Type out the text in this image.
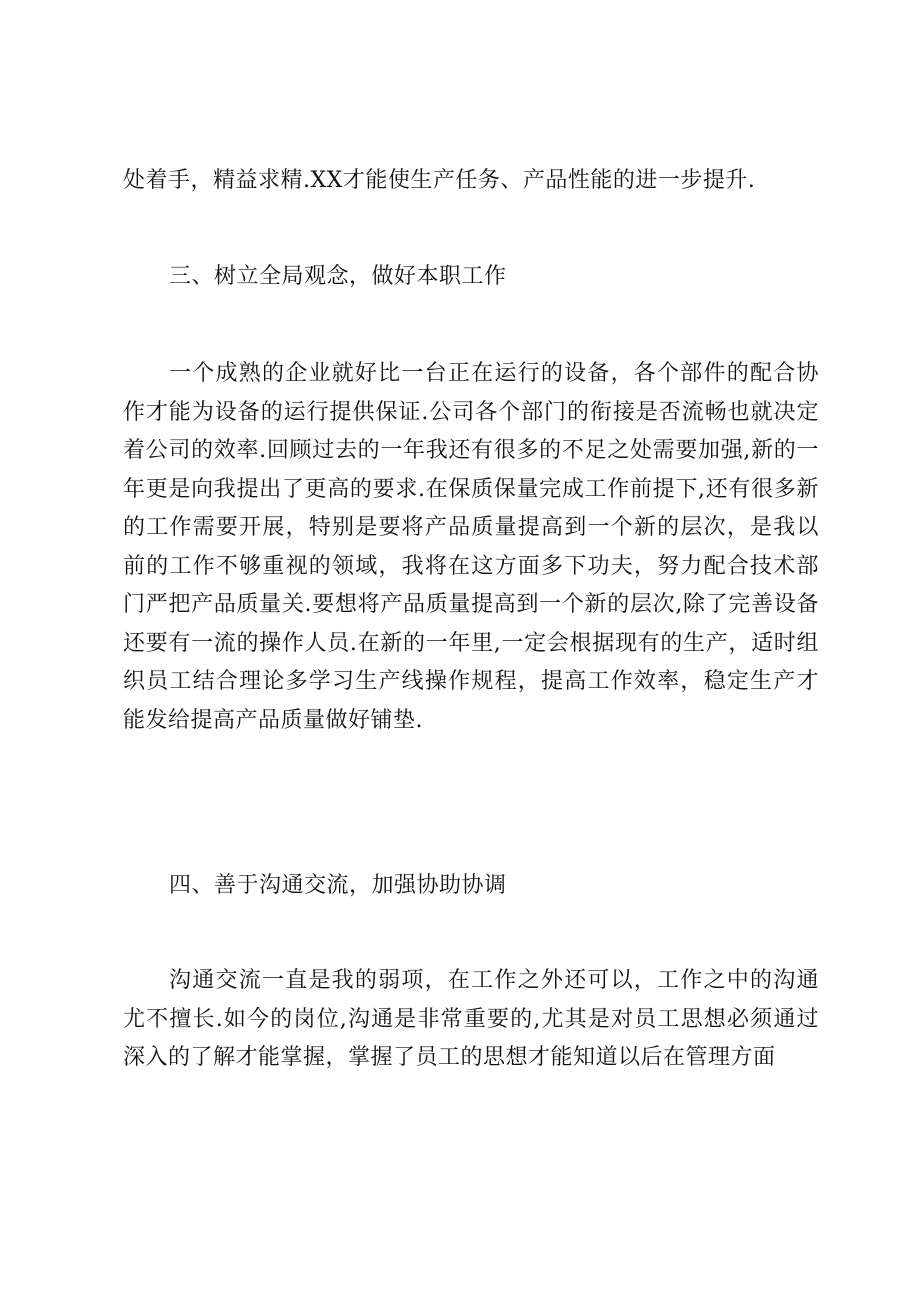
处着手，精益求精.XX才能使生产任务、产品性能的进一步提升.

三、树立全局观念，做好本职工作

一个成熟的企业就好比一台正在运行的设备，各个部件的配合协作才能为设备的运行提供保证.公司各个部门的衔接是否流畅也就决定着公司的效率.回顾过去的一年我还有很多的不足之处需要加强,新的一年更是向我提出了更高的要求.在保质保量完成工作前提下,还有很多新的工作需要开展，特别是要将产品质量提高到一个新的层次，是我以前的工作不够重视的领域，我将在这方面多下功夫，努力配合技术部门严把产品质量关.要想将产品质量提高到一个新的层次,除了完善设备还要有一流的操作人员.在新的一年里,一定会根据现有的生产，适时组织员工结合理论多学习生产线操作规程，提高工作效率，稳定生产才能发给提高产品质量做好铺垫.

四、善于沟通交流，加强协助协调

沟通交流一直是我的弱项，在工作之外还可以，工作之中的沟通尤不擅长.如今的岗位,沟通是非常重要的,尤其是对员工思想必须通过深入的了解才能掌握，掌握了员工的思想才能知道以后在管理方面
